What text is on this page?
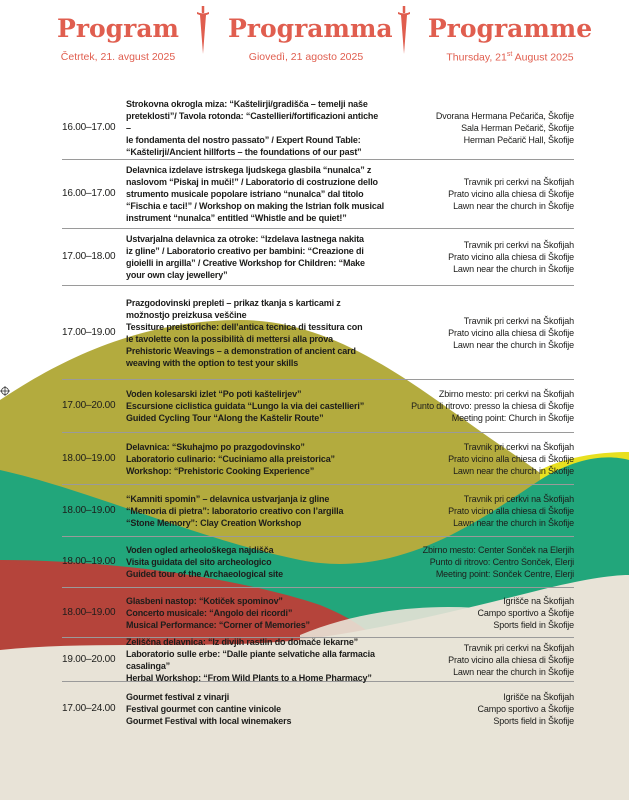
Program
Četrtek, 21. avgust 2025
Programma
Giovedì, 21 agosto 2025
Programme
Thursday, 21st August 2025
16.00–17.00
Strokovna okrogla miza: “Kaštelirji/gradišča – temelji naše
preteklosti”/ Tavola rotonda: “Castellieri/fortificazioni antiche –
le fondamenta del nostro passato” / Expert Round Table:
“Kaštelirji/Ancient hillforts – the foundations of our past”
Dvorana Hermana Pečariča, Škofije
Sala Herman Pečarič, Škofije
Herman Pečarič Hall, Škofije
16.00–17.00
Delavnica izdelave istrskega ljudskega glasbila “nunalca” z
naslovom “Piskaj in muči!” / Laboratorio di costruzione dello
strumento musicale popolare istriano “nunalca” dal titolo
“Fischia e taci!” / Workshop on making the Istrian folk musical
instrument “nunalca” entitled “Whistle and be quiet!”
Travnik pri cerkvi na Škofijah
Prato vicino alla chiesa di Škofije
Lawn near the church in Škofije
17.00–18.00
Ustvarjalna delavnica za otroke: “Izdelava lastnega nakita
iz gline” / Laboratorio creativo per bambini: “Creazione di
gioielli in argilla” / Creative Workshop for Children: “Make
your own clay jewellery”
Travnik pri cerkvi na Škofijah
Prato vicino alla chiesa di Škofije
Lawn near the church in Škofije
17.00–19.00
Prazgodovinski prepleti – prikaz tkanja s karticami z
možnostjo preizkusa veščine
Tessiture preistoriche: dell’antica tecnica di tessitura con
le tavolette con la possibilità di mettersi alla prova
Prehistoric Weavings – a demonstration of ancient card
weaving with the option to test your skills
Travnik pri cerkvi na Škofijah
Prato vicino alla chiesa di Škofije
Lawn near the church in Škofije
17.00–20.00
Voden kolesarski izlet “Po poti kaštelirjev”
Escursione ciclistica guidata “Lungo la via dei castellieri”
Guided Cycling Tour “Along the Kaštelir Route”
Zbirno mesto: pri cerkvi na Škofijah
Punto di ritrovo: presso la chiesa di Škofije
Meeting point: Church in Škofije
18.00–19.00
Delavnica: “Skuhajmo po prazgodovinsko”
Laboratorio culinario: “Cuciniamo alla preistorica”
Workshop: “Prehistoric Cooking Experience”
Travnik pri cerkvi na Škofijah
Prato vicino alla chiesa di Škofije
Lawn near the church in Škofije
18.00–19.00
“Kamniti spomin” – delavnica ustvarjanja iz gline
“Memoria di pietra”: laboratorio creativo con l’argilla
“Stone Memory”: Clay Creation Workshop
Travnik pri cerkvi na Škofijah
Prato vicino alla chiesa di Škofije
Lawn near the church in Škofije
18.00–19.00
Voden ogled arheološkega najdišča
Visita guidata del sito archeologico
Guided tour of the Archaeological site
Zbirno mesto: Center Sonček na Elerjih
Punto di ritrovo: Centro Sonček, Elerji
Meeting point: Sonček Centre, Elerji
18.00–19.00
Glasbeni nastop: “Kotiček spominov”
Concerto musicale: “Angolo dei ricordi”
Musical Performance: “Corner of Memories”
Igrišče na Škofijah
Campo sportivo a Škofije
Sports field in Škofije
19.00–20.00
Zeliščna delavnica: “Iz divjih rastlin do domače lekarne”
Laboratorio sulle erbe: “Dalle piante selvatiche alla farmacia casalinga”
Herbal Workshop: “From Wild Plants to a Home Pharmacy”
Travnik pri cerkvi na Škofijah
Prato vicino alla chiesa di Škofije
Lawn near the church in Škofije
17.00–24.00
Gourmet festival z vinarji
Festival gourmet con cantine vinicole
Gourmet Festival with local winemakers
Igrišče na Škofijah
Campo sportivo a Škofije
Sports field in Škofije
